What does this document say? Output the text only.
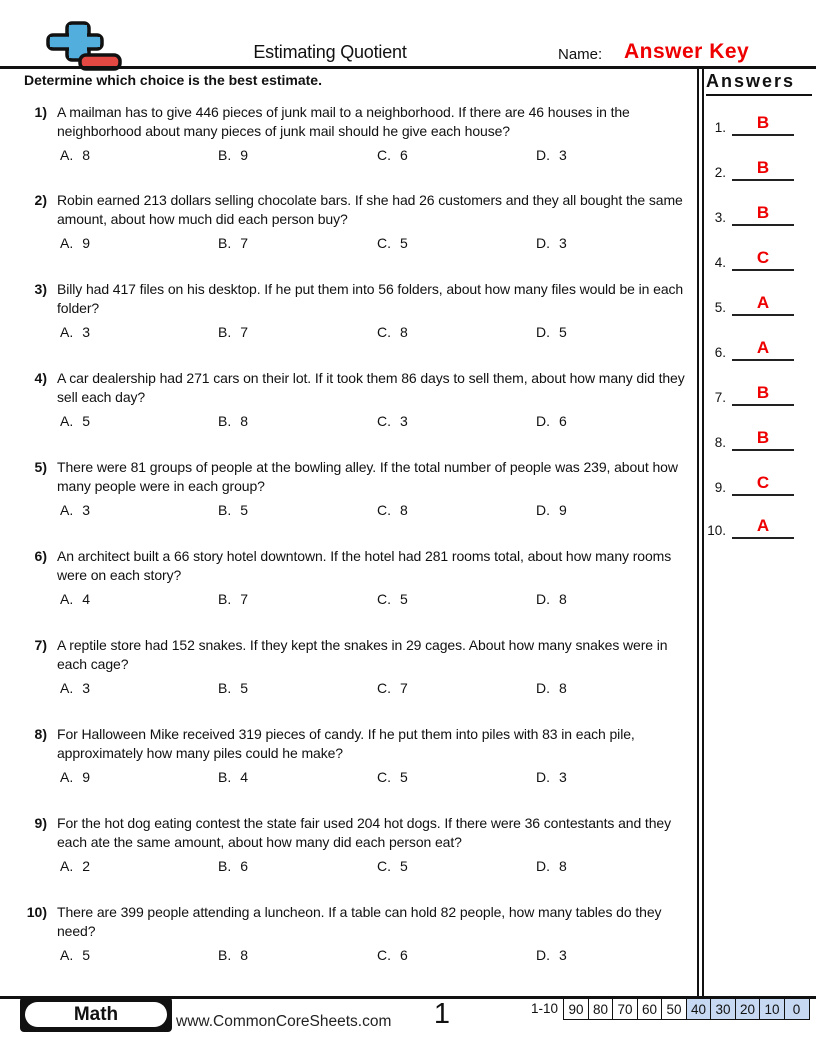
Estimating Quotient	Name: Answer Key
Determine which choice is the best estimate.	Answers
1.	B
2.	B
3.	B
4.	C
5.	A
6.	A
7.	B
8.	B
9.	C
10.	A
1) A mailman has to give 446 pieces of junk mail to a neighborhood. If there are 46 houses in the neighborhood about many pieces of junk mail should he give each house?
A. 8	B. 9	C. 6	D. 3
2) Robin earned 213 dollars selling chocolate bars. If she had 26 customers and they all bought the same amount, about how much did each person buy?
A. 9	B. 7	C. 5	D. 3
3) Billy had 417 files on his desktop. If he put them into 56 folders, about how many files would be in each folder?
A. 3	B. 7	C. 8	D. 5
4) A car dealership had 271 cars on their lot. If it took them 86 days to sell them, about how many did they sell each day?
A. 5	B. 8	C. 3	D. 6
5) There were 81 groups of people at the bowling alley. If the total number of people was 239, about how many people were in each group?
A. 3	B. 5	C. 8	D. 9
6) An architect built a 66 story hotel downtown. If the hotel had 281 rooms total, about how many rooms were on each story?
A. 4	B. 7	C. 5	D. 8
7) A reptile store had 152 snakes. If they kept the snakes in 29 cages. About how many snakes were in each cage?
A. 3	B. 5	C. 7	D. 8
8) For Halloween Mike received 319 pieces of candy. If he put them into piles with 83 in each pile, approximately how many piles could he make?
A. 9	B. 4	C. 5	D. 3
9) For the hot dog eating contest the state fair used 204 hot dogs. If there were 36 contestants and they each ate the same amount, about how many did each person eat?
A. 2	B. 6	C. 5	D. 8
10) There are 399 people attending a luncheon. If a table can hold 82 people, how many tables do they need?
A. 5	B. 8	C. 6	D. 3
Math	www.CommonCoreSheets.com 1	1-10 90 80 70 60 50 40 30 20 10 0
